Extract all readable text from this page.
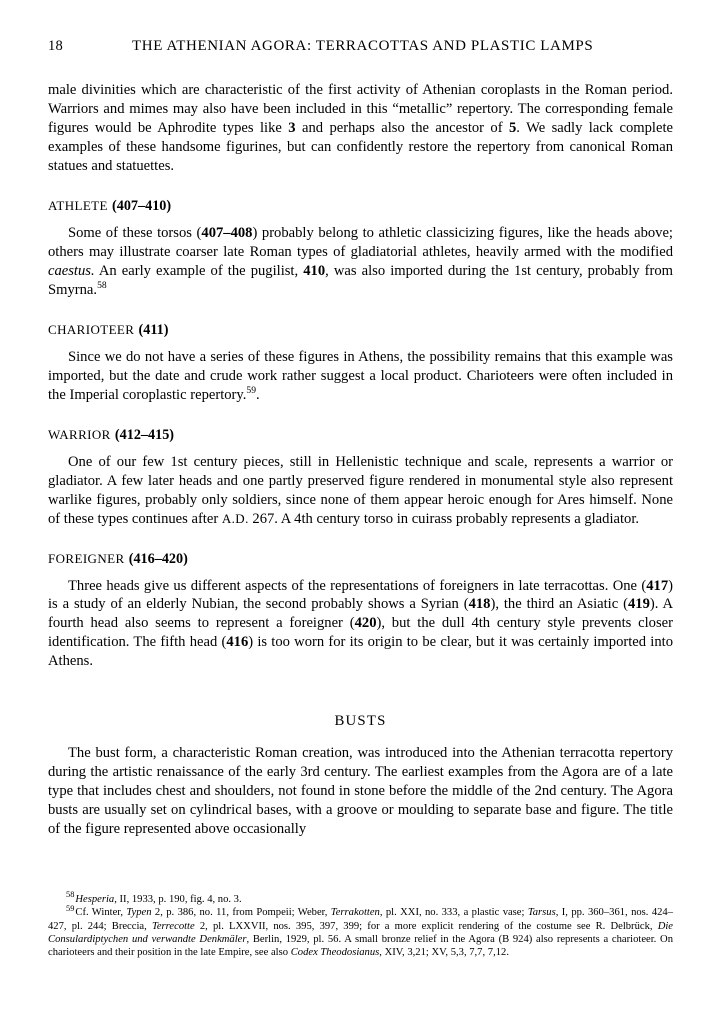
18	THE ATHENIAN AGORA: TERRACOTTAS AND PLASTIC LAMPS

male divinities which are characteristic of the first activity of Athenian coroplasts in the Roman period. Warriors and mimes may also have been included in this “metallic” repertory. The corresponding female figures would be Aphrodite types like 3 and perhaps also the ancestor of 5. We sadly lack complete examples of these handsome figurines, but can confidently restore the repertory from canonical Roman statues and statuettes.

ATHLETE (407–410)

Some of these torsos (407–408) probably belong to athletic classicizing figures, like the heads above; others may illustrate coarser late Roman types of gladiatorial athletes, heavily armed with the modified caestus. An early example of the pugilist, 410, was also imported during the 1st century, probably from Smyrna.$^{58}$

CHARIOTEER (411)

Since we do not have a series of these figures in Athens, the possibility remains that this example was imported, but the date and crude work rather suggest a local product. Charioteers were often included in the Imperial coroplastic repertory.$^{59}$.

WARRIOR (412–415)

One of our few 1st century pieces, still in Hellenistic technique and scale, represents a warrior or gladiator. A few later heads and one partly preserved figure rendered in monumental style also represent warlike figures, probably only soldiers, since none of them appear heroic enough for Ares himself. None of these types continues after A.D. 267. A 4th century torso in cuirass probably represents a gladiator.

FOREIGNER (416–420)

Three heads give us different aspects of the representations of foreigners in late terracottas. One (417) is a study of an elderly Nubian, the second probably shows a Syrian (418), the third an Asiatic (419). A fourth head also seems to represent a foreigner (420), but the dull 4th century style prevents closer identification. The fifth head (416) is too worn for its origin to be clear, but it was certainly imported into Athens.

BUSTS

The bust form, a characteristic Roman creation, was introduced into the Athenian terracotta repertory during the artistic renaissance of the early 3rd century. The earliest examples from the Agora are of a late type that includes chest and shoulders, not found in stone before the middle of the 2nd century. The Agora busts are usually set on cylindrical bases, with a groove or moulding to separate base and figure. The title of the figure represented above occasionally

$^{58}$Hesperia, II, 1933, p. 190, fig. 4, no. 3.
$^{59}$Cf. Winter, Typen 2, p. 386, no. 11, from Pompeii; Weber, Terrakotten, pl. XXI, no. 333, a plastic vase; Tarsus, I, pp. 360–361, nos. 424–427, pl. 244; Breccia, Terrecotte 2, pl. LXXVII, nos. 395, 397, 399; for a more explicit rendering of the costume see R. Delbrück, Die Consulardiptychen und verwandte Denkmäler, Berlin, 1929, pl. 56. A small bronze relief in the Agora (B 924) also represents a charioteer. On charioteers and their position in the late Empire, see also Codex Theodosianus, XIV, 3,21; XV, 5,3, 7,7, 7,12.
